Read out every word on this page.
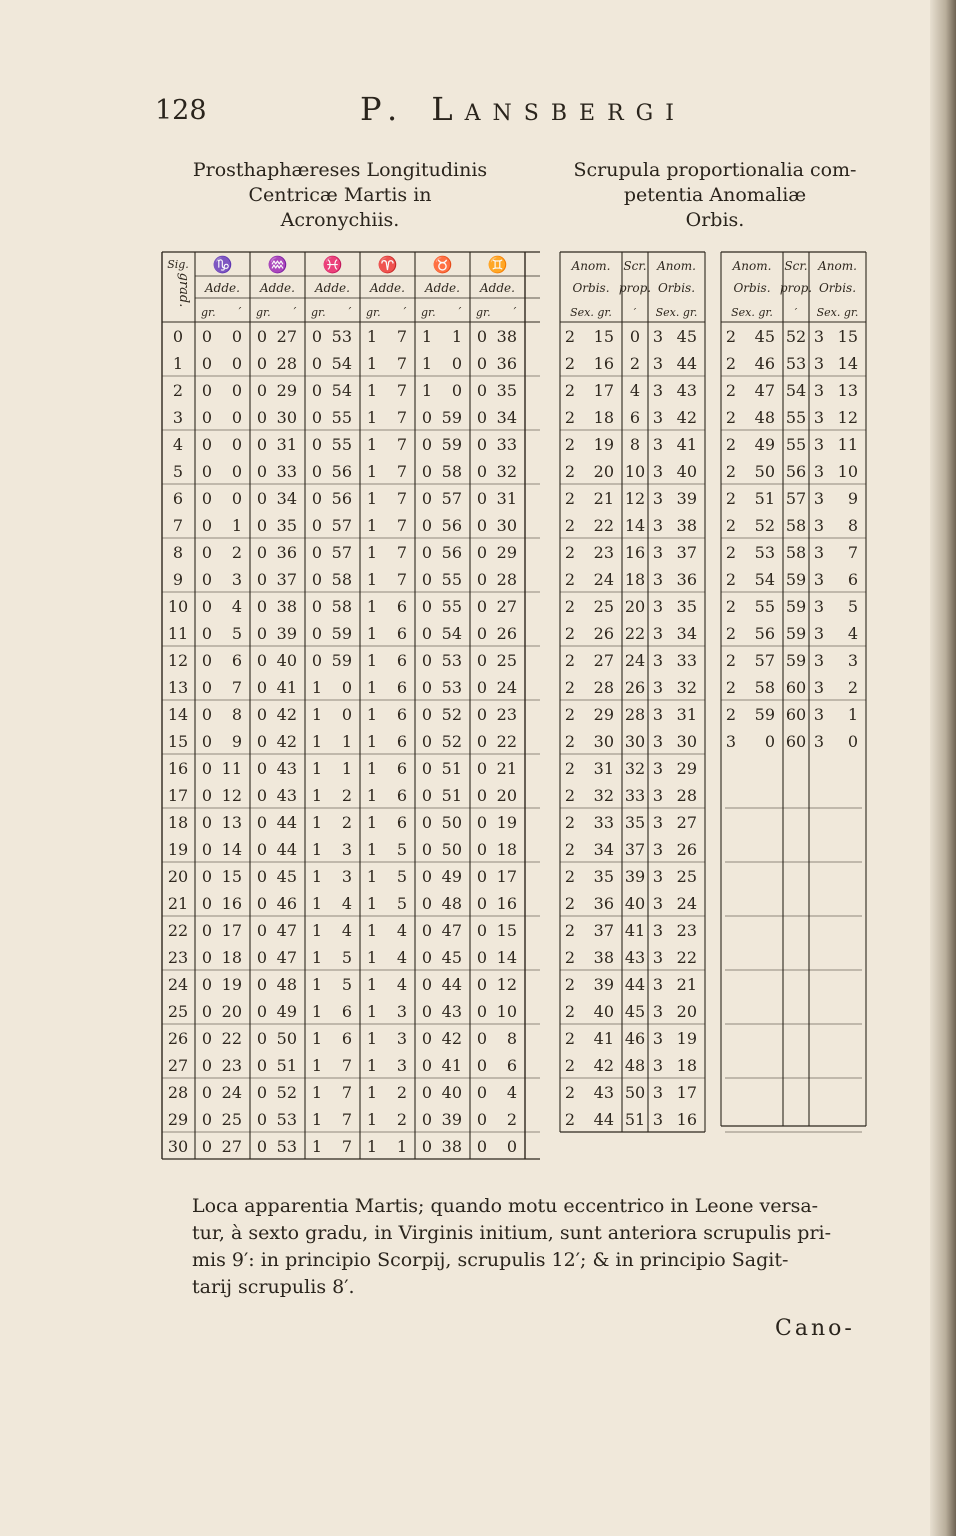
128	P. Lansbergi
Prosthaphæreses Longitudinis
Centricæ Martis in
Acronychiis.
Scrupula proportionalia com-
petentia Anomaliæ
Orbis.
Sig.
grad.
♑
Adde.
gr. ′
♒
Adde.
gr. ′
♓
Adde.
gr. ′
♈
Adde.
gr. ′
♉
Adde.
gr. ′
♊
Adde.
gr. ′
0 0 0 0 27 0 53 1 7 1 1 0 38
1 0 0 0 28 0 54 1 7 1 0 0 36
2 0 0 0 29 0 54 1 7 1 0 0 35
3 0 0 0 30 0 55 1 7 0 59 0 34
4 0 0 0 31 0 55 1 7 0 59 0 33
5 0 0 0 33 0 56 1 7 0 58 0 32
6 0 0 0 34 0 56 1 7 0 57 0 31
7 0 1 0 35 0 57 1 7 0 56 0 30
8 0 2 0 36 0 57 1 7 0 56 0 29
9 0 3 0 37 0 58 1 7 0 55 0 28
10 0 4 0 38 0 58 1 6 0 55 0 27
11 0 5 0 39 0 59 1 6 0 54 0 26
12 0 6 0 40 0 59 1 6 0 53 0 25
13 0 7 0 41 1 0 1 6 0 53 0 24
14 0 8 0 42 1 0 1 6 0 52 0 23
15 0 9 0 42 1 1 1 6 0 52 0 22
16 0 11 0 43 1 1 1 6 0 51 0 21
17 0 12 0 43 1 2 1 6 0 51 0 20
18 0 13 0 44 1 2 1 6 0 50 0 19
19 0 14 0 44 1 3 1 5 0 50 0 18
20 0 15 0 45 1 3 1 5 0 49 0 17
21 0 16 0 46 1 4 1 5 0 48 0 16
22 0 17 0 47 1 4 1 4 0 47 0 15
23 0 18 0 47 1 5 1 4 0 45 0 14
24 0 19 0 48 1 5 1 4 0 44 0 12
25 0 20 0 49 1 6 1 3 0 43 0 10
26 0 22 0 50 1 6 1 3 0 42 0 8
27 0 23 0 51 1 7 1 3 0 41 0 6
28 0 24 0 52 1 7 1 2 0 40 0 4
29 0 25 0 53 1 7 1 2 0 39 0 2
30 0 27 0 53 1 7 1 1 0 38 0 0
Anom.
Orbis.
Sex. gr.
Scr.
prop.
′
Anom.
Orbis.
Sex. gr.
2 15 0 3 45
2 16 2 3 44
2 17 4 3 43
2 18 6 3 42
2 19 8 3 41
2 20 10 3 40
2 21 12 3 39
2 22 14 3 38
2 23 16 3 37
2 24 18 3 36
2 25 20 3 35
2 26 22 3 34
2 27 24 3 33
2 28 26 3 32
2 29 28 3 31
2 30 30 3 30
2 31 32 3 29
2 32 33 3 28
2 33 35 3 27
2 34 37 3 26
2 35 39 3 25
2 36 40 3 24
2 37 41 3 23
2 38 43 3 22
2 39 44 3 21
2 40 45 3 20
2 41 46 3 19
2 42 48 3 18
2 43 50 3 17
2 44 51 3 16
Anom.
Orbis.
Sex. gr.
Scr.
prop.
′
Anom.
Orbis.
Sex. gr.
2 45 52 3 15
2 46 53 3 14
2 47 54 3 13
2 48 55 3 12
2 49 55 3 11
2 50 56 3 10
2 51 57 3 9
2 52 58 3 8
2 53 58 3 7
2 54 59 3 6
2 55 59 3 5
2 56 59 3 4
2 57 59 3 3
2 58 60 3 2
2 59 60 3 1
3 0 60 3 0

Loca apparentia Martis; quando motu eccentrico in Leone versa-

tur, à sexto gradu, in Virginis initium, sunt anteriora scrupulis pri-

mis 9′: in principio Scorpij, scrupulis 12′; & in principio Sagit-

tarij scrupulis 8′.

Cano-
